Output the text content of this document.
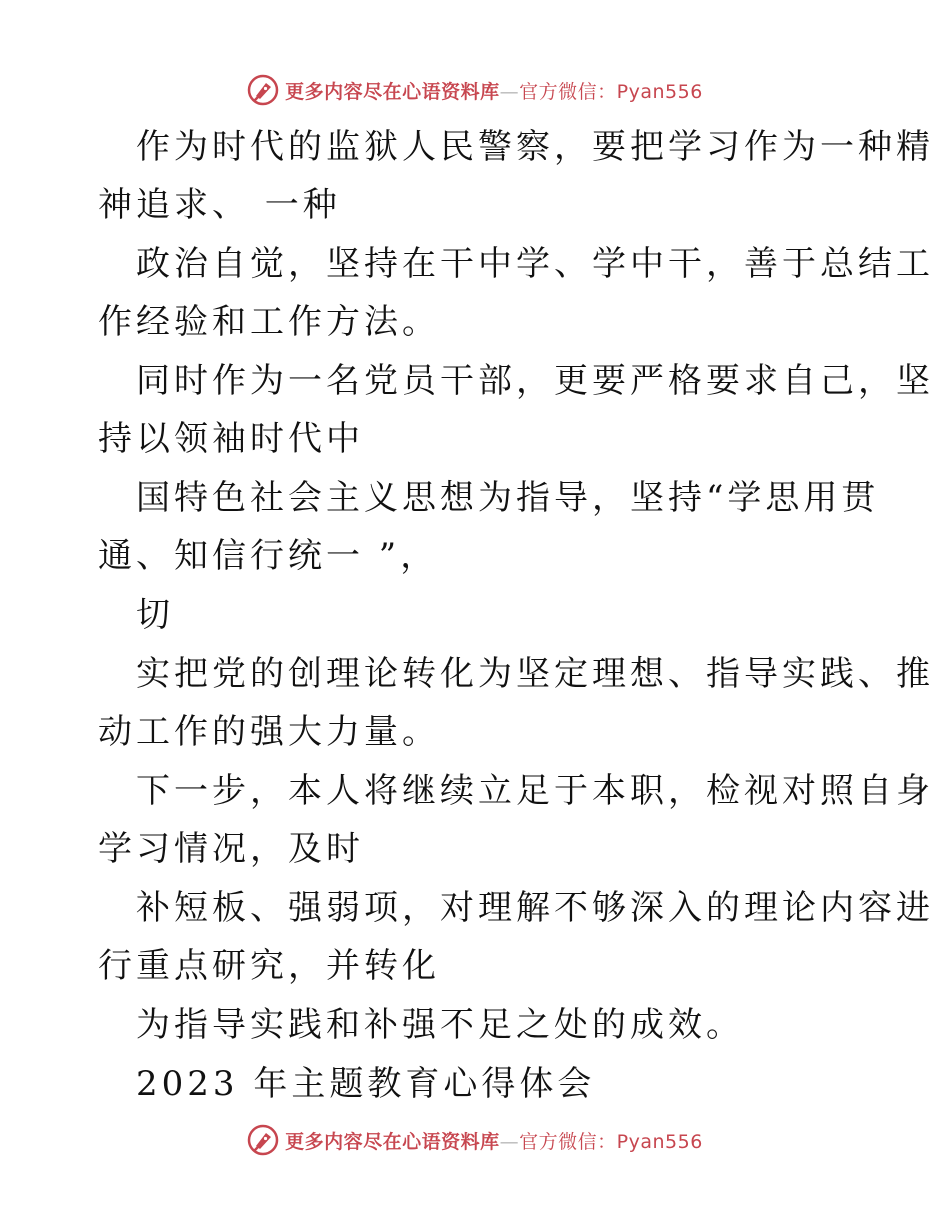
更多内容尽在心语资料库—官方微信：Pyan556
作为时代的监狱人民警察，要把学习作为一种精
神追求、 一种
政治自觉，坚持在干中学、学中干，善于总结工
作经验和工作方法。
同时作为一名党员干部，更要严格要求自己，坚
持以领袖时代中
国特色社会主义思想为指导，坚持“学思用贯
通、知信行统一 ”，
切
实把党的创理论转化为坚定理想、指导实践、推
动工作的强大力量。
下一步，本人将继续立足于本职，检视对照自身
学习情况，及时
补短板、强弱项，对理解不够深入的理论内容进
行重点研究，并转化
为指导实践和补强不足之处的成效。
2023 年主题教育心得体会
更多内容尽在心语资料库—官方微信：Pyan556
